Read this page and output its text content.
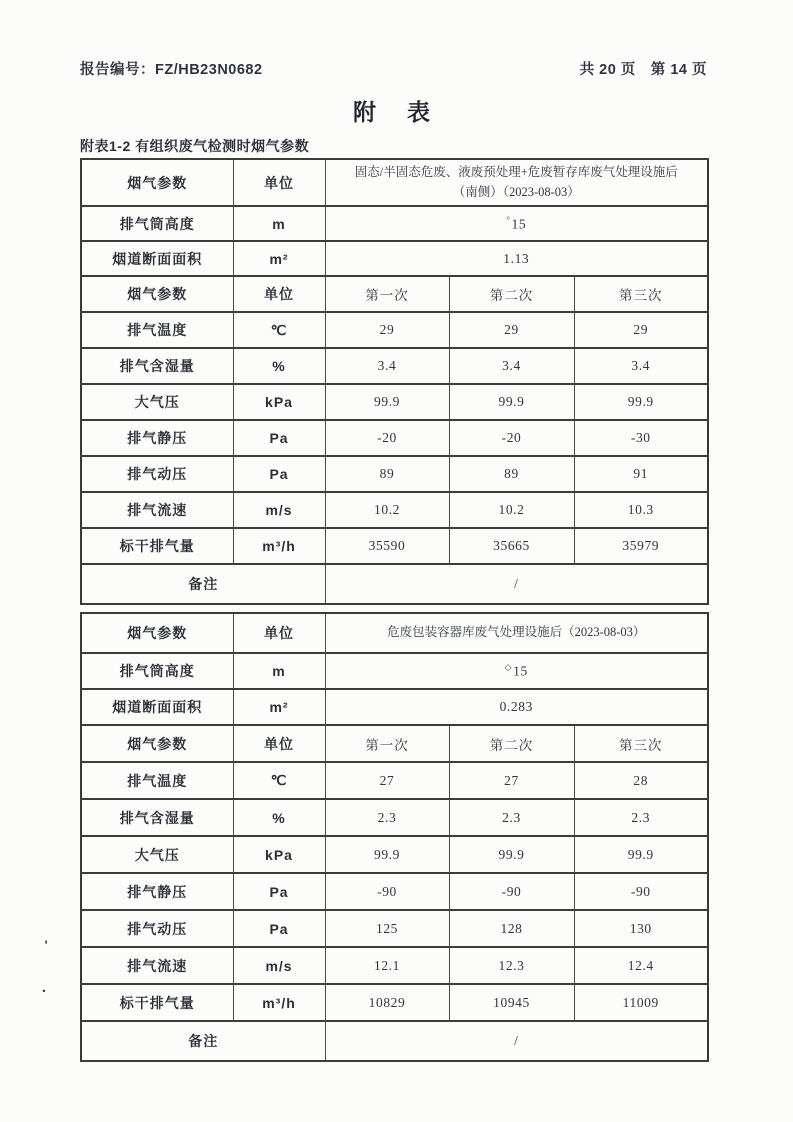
报告编号：FZ/HB23N0682	共 20 页　第 14 页
附　表
附表1-2 有组织废气检测时烟气参数
'
.
烟气参数	单位	固态/半固态危废、液废预处理+危废暂存库废气处理设施后
（南侧）（2023-08-03）		

排气筒高度	m	°15		
烟道断面面积	m²	1.13		
烟气参数	单位	第一次	第二次	第三次
排气温度	℃	29	29	29
排气含湿量	%	3.4	3.4	3.4
大气压	kPa	99.9	99.9	99.9
排气静压	Pa	-20	-20	-30
排气动压	Pa	89	89	91
排气流速	m/s	10.2	10.2	10.3
标干排气量	m³/h	35590	35665	35979
备注		/		
烟气参数	单位	危废包装容器库废气处理设施后（2023-08-03）		

排气筒高度	m	◇15		
烟道断面面积	m²	0.283		
烟气参数	单位	第一次	第二次	第三次
排气温度	℃	27	27	28
排气含湿量	%	2.3	2.3	2.3
大气压	kPa	99.9	99.9	99.9
排气静压	Pa	-90	-90	-90
排气动压	Pa	125	128	130
排气流速	m/s	12.1	12.3	12.4
标干排气量	m³/h	10829	10945	11009
备注		/		
